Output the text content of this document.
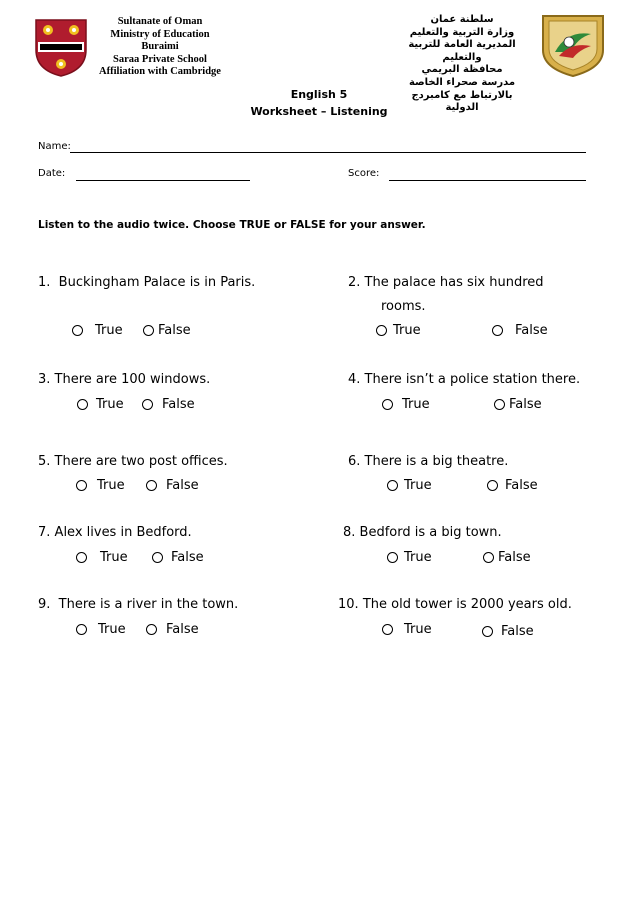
Sultanate of Oman
Ministry of Education
Buraimi
Saraa Private School
Affiliation with Cambridge
سلطنة عمان
وزارة التربية والتعليم
المديرية العامة للتربية والتعليم
محافظة البريمي
مدرسة صحراء الخاصة
بالارتباط مع كامبردج الدولية
English 5
Worksheet – Listening
Name:
Date:	Score:
Listen to the audio twice. Choose TRUE or FALSE for your answer.
1. Buckingham Palace is in Paris.
True	False
2. The palace has six hundred
rooms.
True	False
3. There are 100 windows.
True	False
4. There isn’t a police station there.
True	False
5. There are two post offices.
True	False
6. There is a big theatre.
True	False
7. Alex lives in Bedford.
True	False
8. Bedford is a big town.
True	False
9. There is a river in the town.
True	False
10. The old tower is 2000 years old.
True	False
